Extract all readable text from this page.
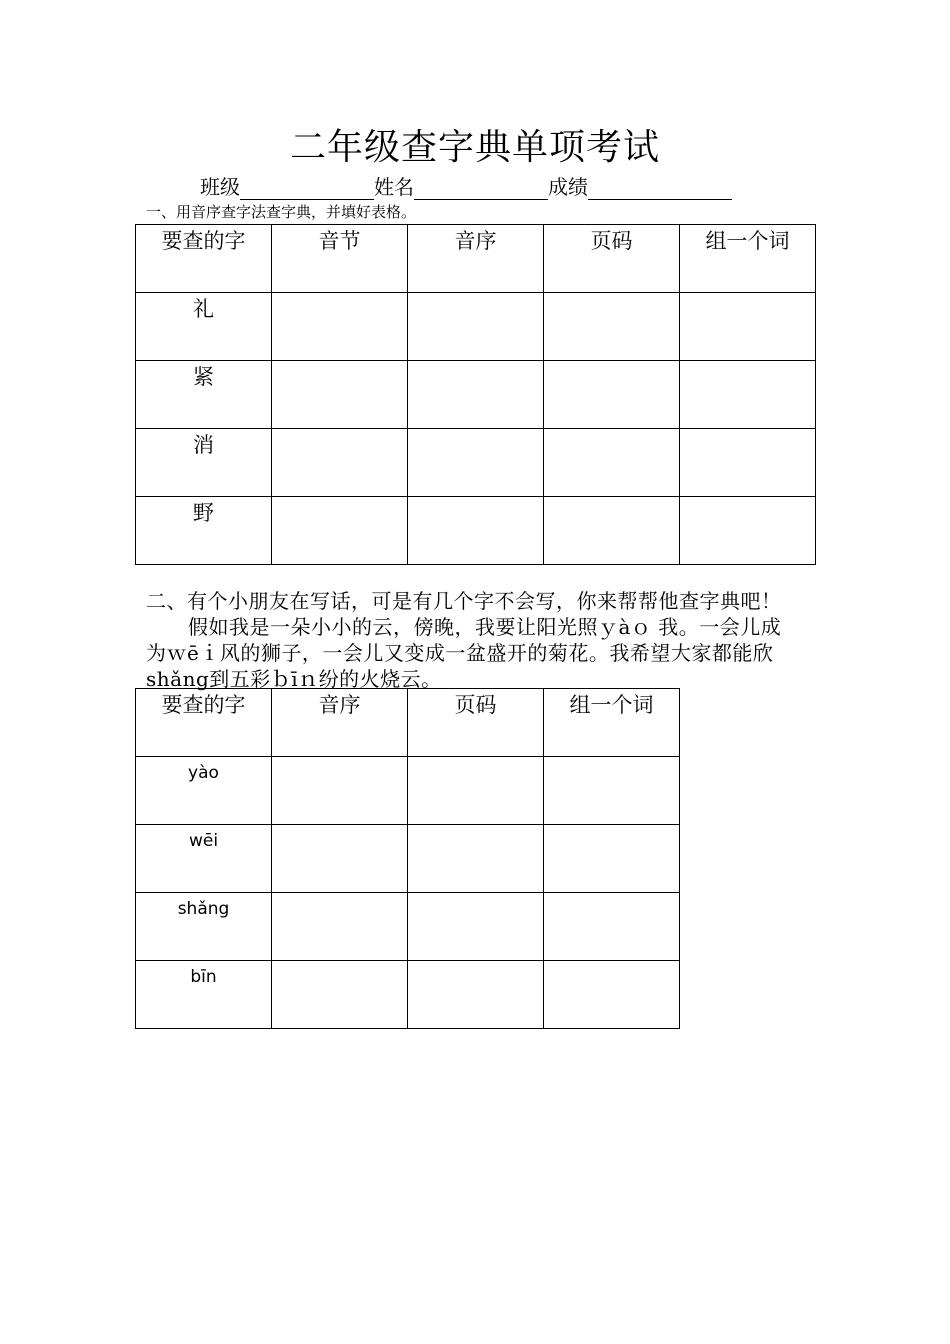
二年级查字典单项考试
班级	姓名	成绩
一、用音序查字法查字典，并填好表格。
要查的字	音节	音序	页码	组一个词

礼				

紧				

消				

野				

二、有个小朋友在写话，可是有几个字不会写，你来帮帮他查字典吧！
假如我是一朵小小的云，傍晚，我要让阳光照ｙàｏ 我。一会儿成
为ｗēｉ风的狮子，一会儿又变成一盆盛开的菊花。我希望大家都能欣
shǎng到五彩ｂīｎ纷的火烧云。
要查的字	音序	页码	组一个词

yào			

wēi			

shǎng			

bīn			
